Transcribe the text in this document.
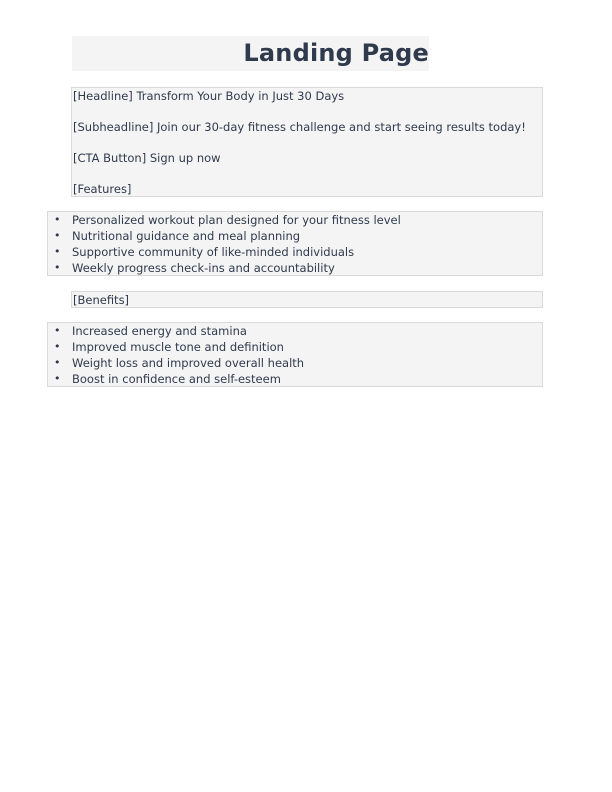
Landing Page

[Headline] Transform Your Body in Just 30 Days

[Subheadline] Join our 30-day fitness challenge and start seeing results today!

[CTA Button] Sign up now

[Features]

• Personalized workout plan designed for your fitness level
• Nutritional guidance and meal planning
• Supportive community of like-minded individuals
• Weekly progress check-ins and accountability
[Benefits]
• Increased energy and stamina
• Improved muscle tone and definition
• Weight loss and improved overall health
• Boost in confidence and self-esteem
